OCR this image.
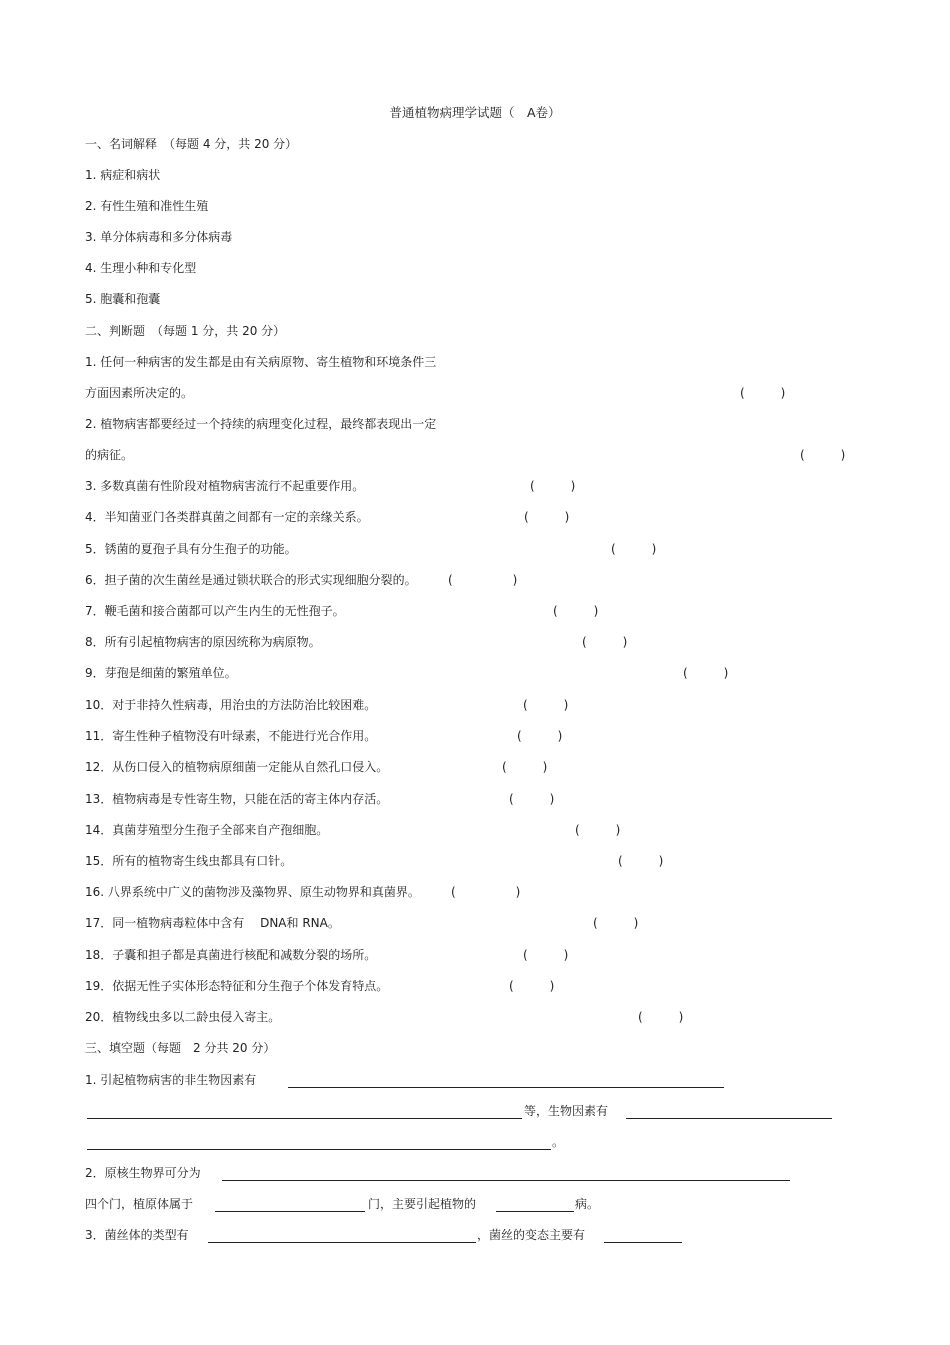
普通植物病理学试题（　A卷）
一、名词解释　（每题 4 分，共 20 分）
1. 病症和病状
2. 有性生殖和准性生殖
3. 单分体病毒和多分体病毒
4. 生理小种和专化型
5. 胞囊和孢囊
二、判断题　（每题 1 分，共 20 分）
1. 任何一种病害的发生都是由有关病原物、寄生植物和环境条件三
方面因素所决定的。	(　　　)
2. 植物病害都要经过一个持续的病理变化过程，最终都表现出一定
的病征。	(　　　)
3. 多数真菌有性阶段对植物病害流行不起重要作用。	(　　　)
4．半知菌亚门各类群真菌之间都有一定的亲缘关系。	(　　　)
5．锈菌的夏孢子具有分生孢子的功能。	(　　　)
6．担子菌的次生菌丝是通过锁状联合的形式实现细胞分裂的。	(　　　　　)
7．鞭毛菌和接合菌都可以产生内生的无性孢子。	(　　　)
8．所有引起植物病害的原因统称为病原物。	(　　　)
9．芽孢是细菌的繁殖单位。	(　　　)
10．对于非持久性病毒，用治虫的方法防治比较困难。	(　　　)
11．寄生性种子植物没有叶绿素，不能进行光合作用。	(　　　)
12．从伤口侵入的植物病原细菌一定能从自然孔口侵入。	(　　　)
13．植物病毒是专性寄生物，只能在活的寄主体内存活。	(　　　)
14．真菌芽殖型分生孢子全部来自产孢细胞。	(　　　)
15．所有的植物寄生线虫都具有口针。	(　　　)
16. 八界系统中广义的菌物涉及藻物界、原生动物界和真菌界。	(　　　　　)
17．同一植物病毒粒体中含有　 DNA和 RNA。	(　　　)
18．子囊和担子都是真菌进行核配和减数分裂的场所。	(　　　)
19．依据无性子实体形态特征和分生孢子个体发育特点。	(　　　)
20．植物线虫多以二龄虫侵入寄主。	(　　　)
三、填空题（每题　2 分共 20 分）
1. 引起植物病害的非生物因素有
等，生物因素有
。
2．原核生物界可分为
四个门，植原体属于	门，主要引起植物的	病。
3．菌丝体的类型有	，菌丝的变态主要有
